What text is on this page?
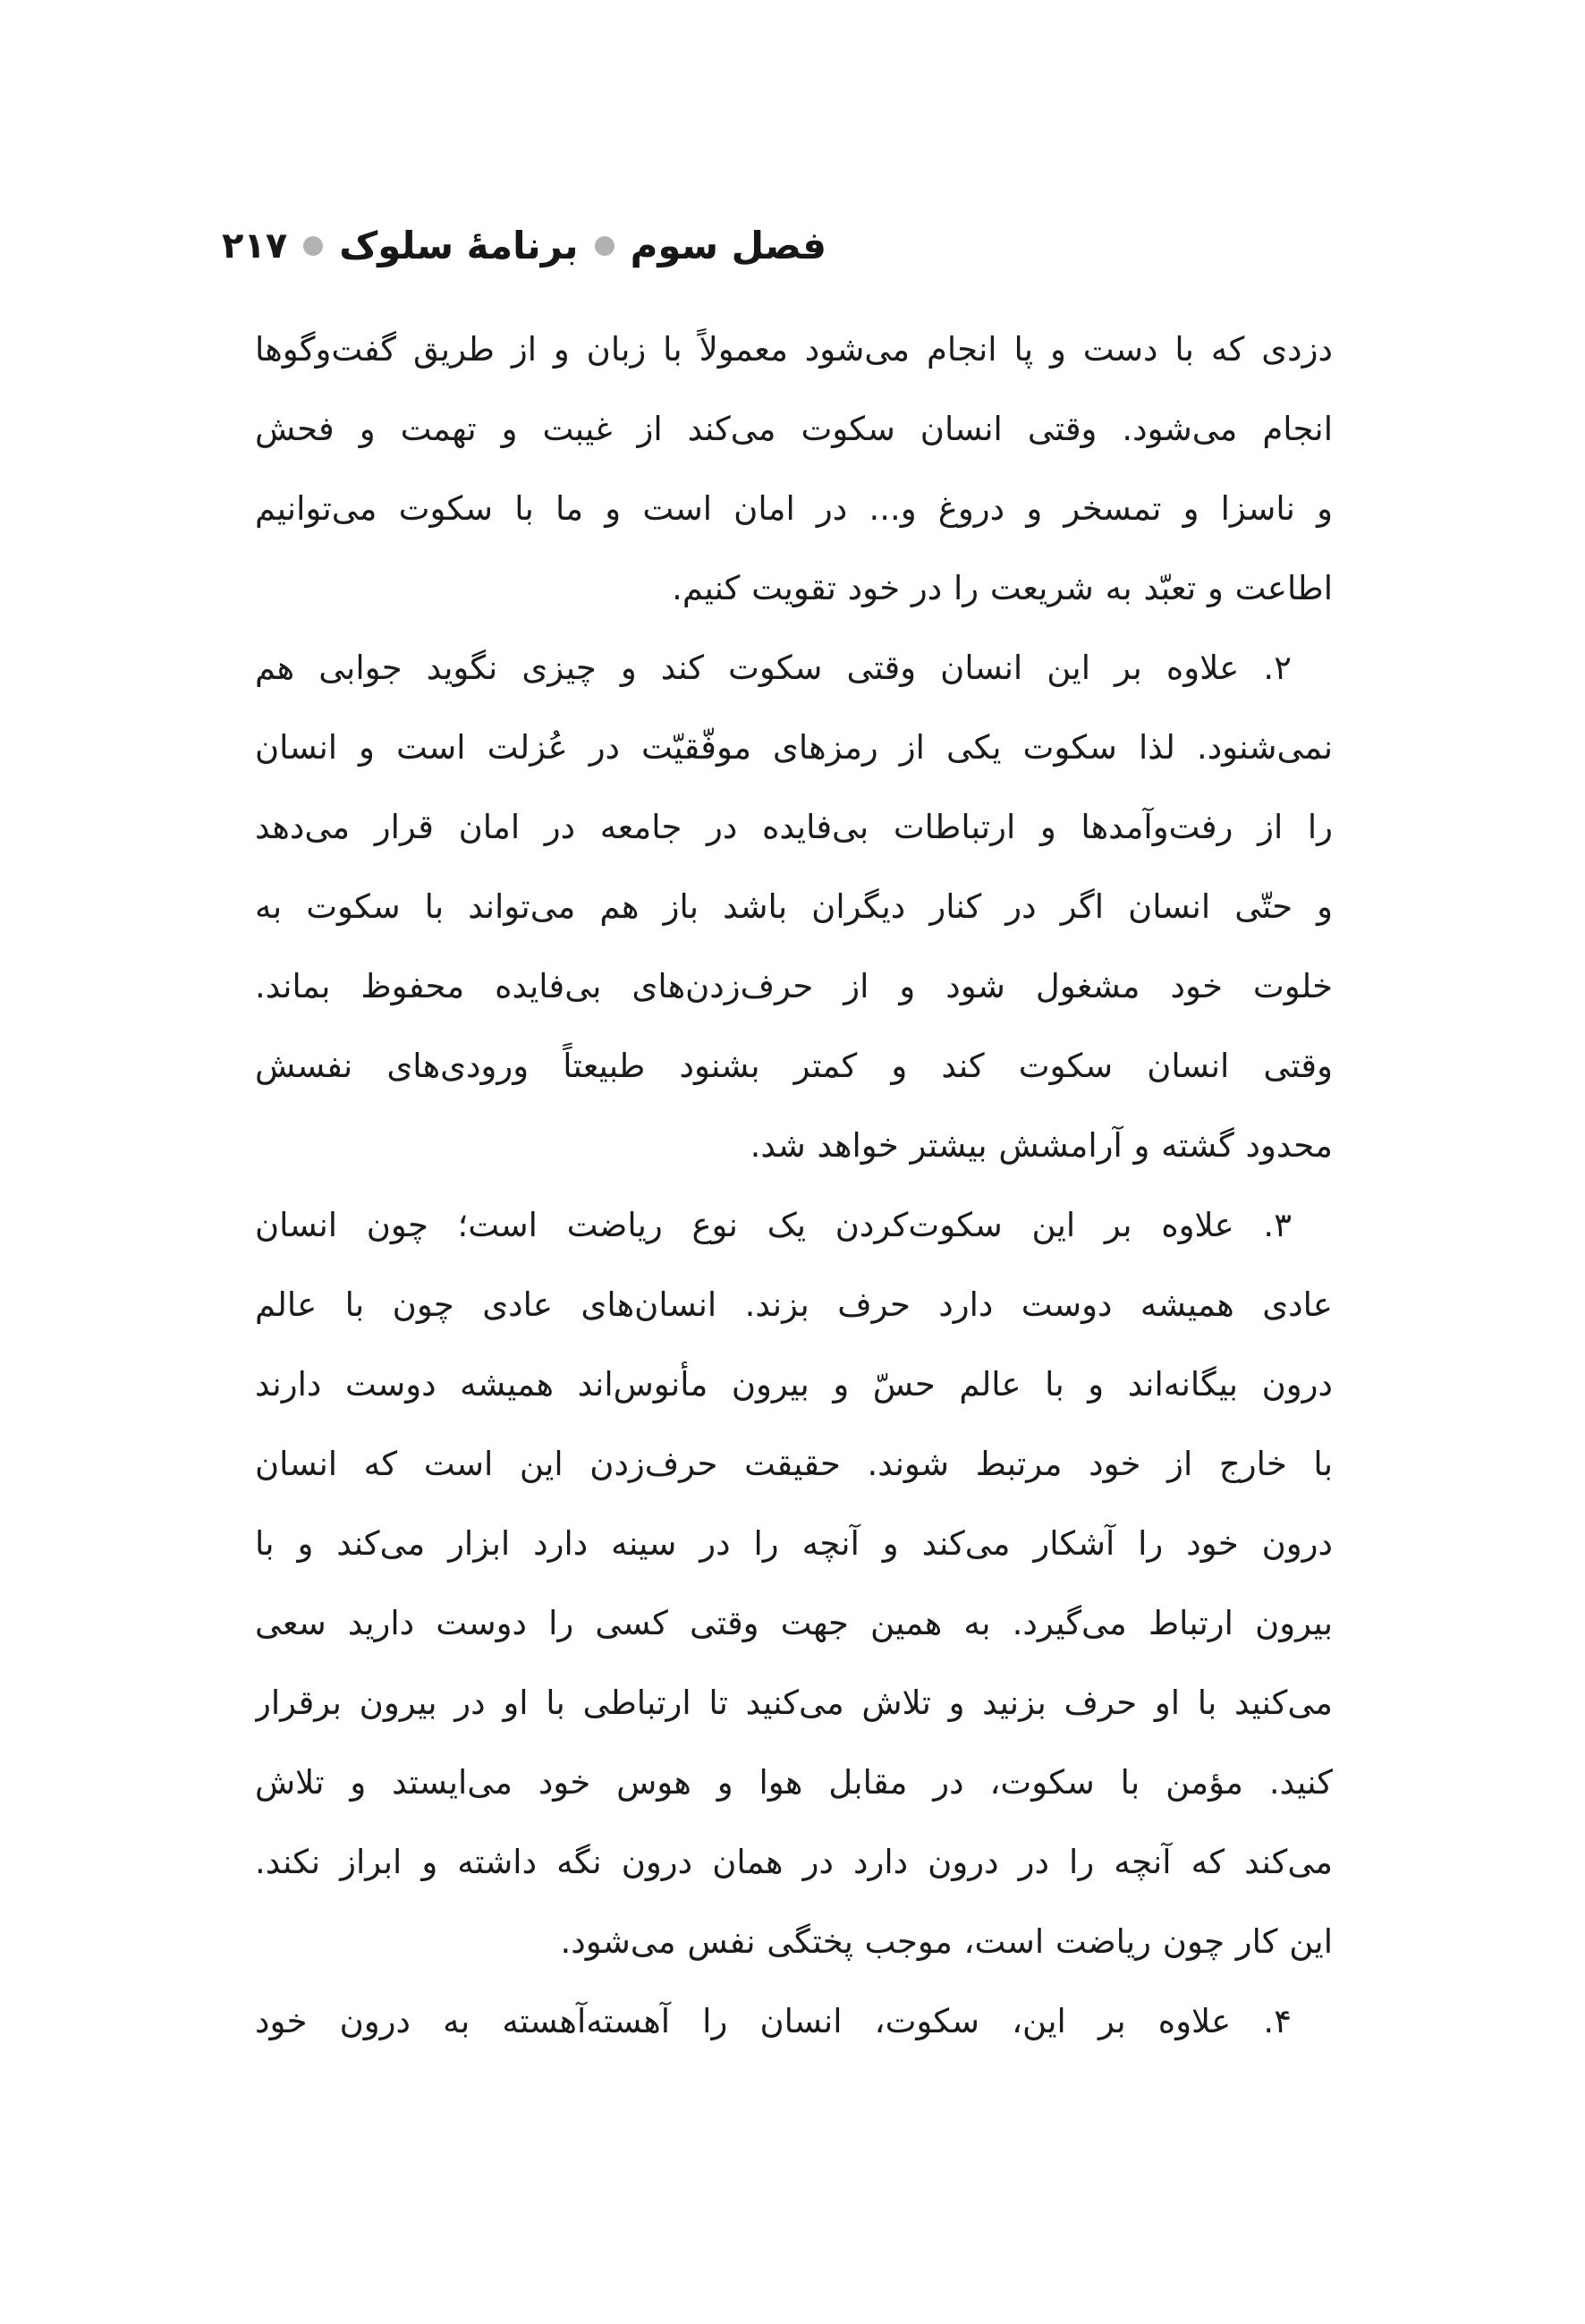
فصل سوم
برنامهٔ سلوک
۲۱۷
دزدی که با دست و پا انجام می‌شود معمولاً با زبان و از طریق گفت‌وگوها
انجام می‌شود. وقتی انسان سکوت می‌کند از غیبت و تهمت و فحش
و ناسزا و تمسخر و دروغ و... در امان است و ما با سکوت می‌توانیم
اطاعت و تعبّد به شریعت را در خود تقویت کنیم.
۲. علاوه بر این انسان وقتی سکوت کند و چیزی نگوید جوابی هم
نمی‌شنود. لذا سکوت یکی از رمزهای موفّقیّت در عُزلت است و انسان
را از رفت‌وآمدها و ارتباطات بی‌فایده در جامعه در امان قرار می‌دهد
و حتّی انسان اگر در کنار دیگران باشد باز هم می‌تواند با سکوت به
خلوت خود مشغول شود و از حرف‌زدن‌های بی‌فایده محفوظ بماند.
وقتی انسان سکوت کند و کمتر بشنود طبیعتاً ورودی‌های نفسش
محدود گشته و آرامشش بیشتر خواهد شد.
۳. علاوه بر این سکوت‌کردن یک نوع ریاضت است؛ چون انسان
عادی همیشه دوست دارد حرف بزند. انسان‌های عادی چون با عالم
درون بیگانه‌اند و با عالم حسّ و بیرون مأنوس‌اند همیشه دوست دارند
با خارج از خود مرتبط شوند. حقیقت حرف‌زدن این است که انسان
درون خود را آشکار می‌کند و آنچه را در سینه دارد ابزار می‌کند و با
بیرون ارتباط می‌گیرد. به همین جهت وقتی کسی را دوست دارید سعی
می‌کنید با او حرف بزنید و تلاش می‌کنید تا ارتباطی با او در بیرون برقرار
کنید. مؤمن با سکوت، در مقابل هوا و هوس خود می‌ایستد و تلاش
می‌کند که آنچه را در درون دارد در همان درون نگه داشته و ابراز نکند.
این کار چون ریاضت است، موجب پختگی نفس می‌شود.
۴. علاوه بر این، سکوت، انسان را آهسته‌آهسته به درون خود
